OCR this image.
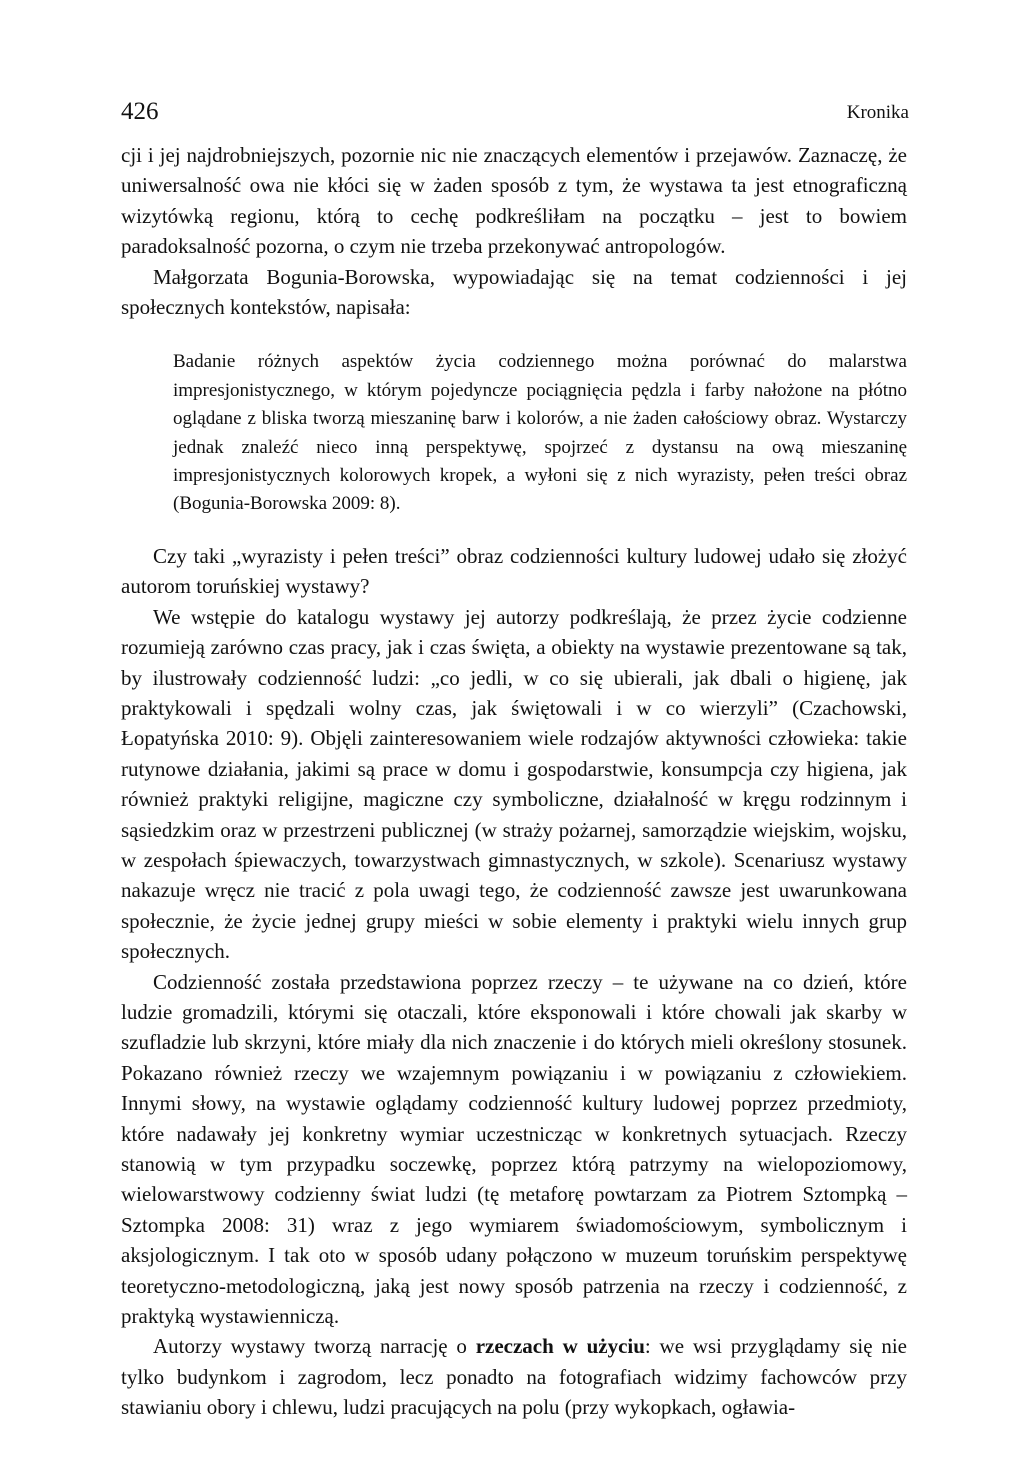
426	Kronika

cji i jej najdrobniejszych, pozornie nic nie znaczących elementów i przejawów. Zaznaczę, że uniwersalność owa nie kłóci się w żaden sposób z tym, że wystawa ta jest etnograficzną wizytówką regionu, którą to cechę podkreśliłam na początku – jest to bowiem paradoksalność pozorna, o czym nie trzeba przekonywać antropologów.

Małgorzata Bogunia-Borowska, wypowiadając się na temat codzienności i jej społecznych kontekstów, napisała:

Badanie różnych aspektów życia codziennego można porównać do malarstwa impresjonistycznego, w którym pojedyncze pociągnięcia pędzla i farby nałożone na płótno oglądane z bliska tworzą mieszaninę barw i kolorów, a nie żaden całościowy obraz. Wystarczy jednak znaleźć nieco inną perspektywę, spojrzeć z dystansu na ową mieszaninę impresjonistycznych kolorowych kropek, a wyłoni się z nich wyrazisty, pełen treści obraz (Bogunia-Borowska 2009: 8).

Czy taki „wyrazisty i pełen treści” obraz codzienności kultury ludowej udało się złożyć autorom toruńskiej wystawy?

We wstępie do katalogu wystawy jej autorzy podkreślają, że przez życie codzienne rozumieją zarówno czas pracy, jak i czas święta, a obiekty na wystawie prezentowane są tak, by ilustrowały codzienność ludzi: „co jedli, w co się ubierali, jak dbali o higienę, jak praktykowali i spędzali wolny czas, jak świętowali i w co wierzyli” (Czachowski, Łopatyńska 2010: 9). Objęli zainteresowaniem wiele rodzajów aktywności człowieka: takie rutynowe działania, jakimi są prace w domu i gospodarstwie, konsumpcja czy higiena, jak również praktyki religijne, magiczne czy symboliczne, działalność w kręgu rodzinnym i sąsiedzkim oraz w przestrzeni publicznej (w straży pożarnej, samorządzie wiejskim, wojsku, w zespołach śpiewaczych, towarzystwach gimnastycznych, w szkole). Scenariusz wystawy nakazuje wręcz nie tracić z pola uwagi tego, że codzienność zawsze jest uwarunkowana społecznie, że życie jednej grupy mieści w sobie elementy i praktyki wielu innych grup społecznych.

Codzienność została przedstawiona poprzez rzeczy – te używane na co dzień, które ludzie gromadzili, którymi się otaczali, które eksponowali i które chowali jak skarby w szufladzie lub skrzyni, które miały dla nich znaczenie i do których mieli określony stosunek. Pokazano również rzeczy we wzajemnym powiązaniu i w powiązaniu z człowiekiem. Innymi słowy, na wystawie oglądamy codzienność kultury ludowej poprzez przedmioty, które nadawały jej konkretny wymiar uczestnicząc w konkretnych sytuacjach. Rzeczy stanowią w tym przypadku soczewkę, poprzez którą patrzymy na wielopoziomowy, wielowarstwowy codzienny świat ludzi (tę metaforę powtarzam za Piotrem Sztompką – Sztompka 2008: 31) wraz z jego wymiarem świadomościowym, symbolicznym i aksjologicznym. I tak oto w sposób udany połączono w muzeum toruńskim perspektywę teoretyczno-metodologiczną, jaką jest nowy sposób patrzenia na rzeczy i codzienność, z praktyką wystawienniczą.

Autorzy wystawy tworzą narrację o rzeczach w użyciu: we wsi przyglądamy się nie tylko budynkom i zagrodom, lecz ponadto na fotografiach widzimy fachowców przy stawianiu obory i chlewu, ludzi pracujących na polu (przy wykopkach, ogławia-
